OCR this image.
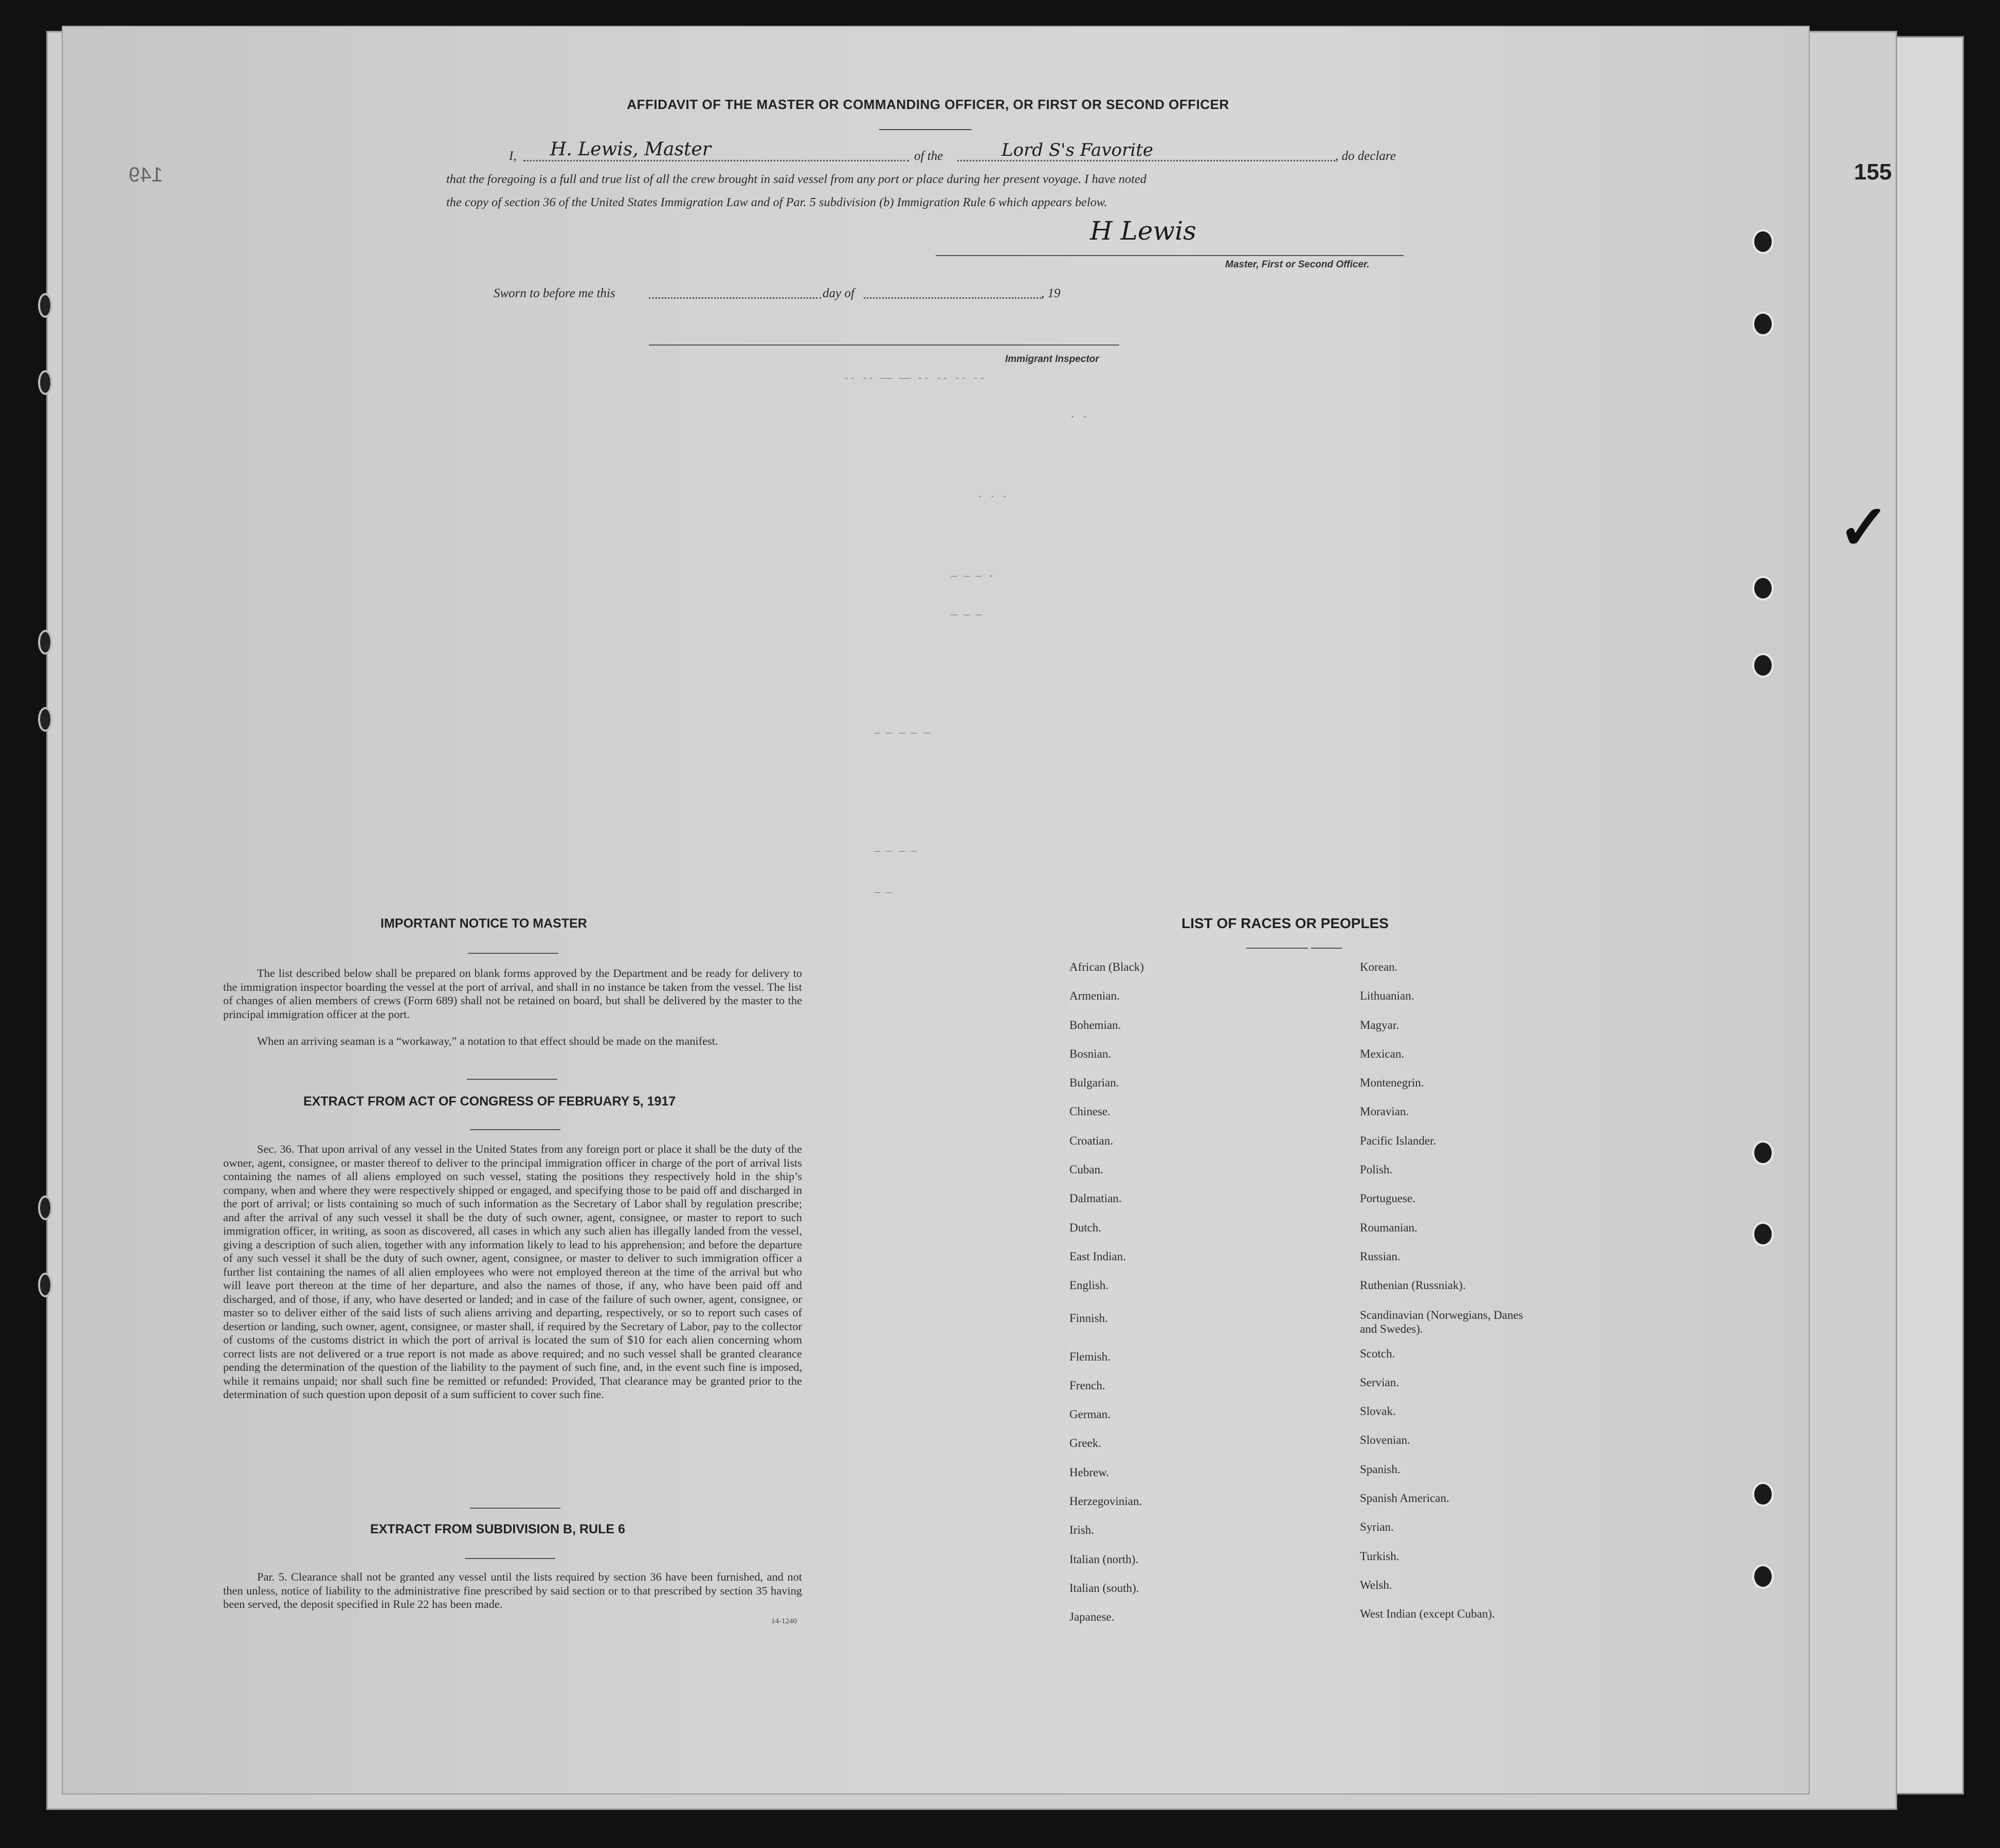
149	155
-- -- —— —— -- -- -- --
· ·
· · ·
— — — ·
— — —
— — — — —
— — — —
— —
✓
AFFIDAVIT OF THE MASTER OR COMMANDING OFFICER, OR FIRST OR SECOND OFFICER
I, H. Lewis, Master	of the	Lord S's Favorite	, do declare
that the foregoing is a full and true list of all the crew brought in said vessel from any port or place during her present voyage. I have noted
the copy of section 36 of the United States Immigration Law and of Par. 5 subdivision (b) Immigration Rule 6 which appears below.
H Lewis
Master, First or Second Officer.
Sworn to before me this	day of	, 19
Immigrant Inspector
IMPORTANT NOTICE TO MASTER
The list described below shall be prepared on blank forms approved by the Department and be ready for delivery to the immigration inspector boarding the vessel at the port of arrival, and shall in no instance be taken from the vessel. The list of changes of alien members of crews (Form 689) shall not be retained on board, but shall be delivered by the master to the principal immigration officer at the port.
When an arriving seaman is a “workaway,” a notation to that effect should be made on the manifest.
EXTRACT FROM ACT OF CONGRESS OF FEBRUARY 5, 1917
Sec. 36. That upon arrival of any vessel in the United States from any foreign port or place it shall be the duty of the owner, agent, consignee, or master thereof to deliver to the principal immigration officer in charge of the port of arrival lists containing the names of all aliens employed on such vessel, stating the positions they respectively hold in the ship’s company, when and where they were respectively shipped or engaged, and specifying those to be paid off and discharged in the port of arrival; or lists containing so much of such information as the Secretary of Labor shall by regulation prescribe; and after the arrival of any such vessel it shall be the duty of such owner, agent, consignee, or master to report to such immigration officer, in writing, as soon as discovered, all cases in which any such alien has illegally landed from the vessel, giving a description of such alien, together with any information likely to lead to his apprehension; and before the departure of any such vessel it shall be the duty of such owner, agent, consignee, or master to deliver to such immigration officer a further list containing the names of all alien employees who were not employed thereon at the time of the arrival but who will leave port thereon at the time of her departure, and also the names of those, if any, who have been paid off and discharged, and of those, if any, who have deserted or landed; and in case of the failure of such owner, agent, consignee, or master so to deliver either of the said lists of such aliens arriving and departing, respectively, or so to report such cases of desertion or landing, such owner, agent, consignee, or master shall, if required by the Secretary of Labor, pay to the collector of customs of the customs district in which the port of arrival is located the sum of $10 for each alien concerning whom correct lists are not delivered or a true report is not made as above required; and no such vessel shall be granted clearance pending the determination of the question of the liability to the payment of such fine, and, in the event such fine is imposed, while it remains unpaid; nor shall such fine be remitted or refunded: Provided, That clearance may be granted prior to the determination of such question upon deposit of a sum sufficient to cover such fine.
EXTRACT FROM SUBDIVISION B, RULE 6
Par. 5. Clearance shall not be granted any vessel until the lists required by section 36 have been furnished, and not then unless, notice of liability to the administrative fine prescribed by said section or to that prescribed by section 35 having been served, the deposit specified in Rule 22 has been made.
14-1240
LIST OF RACES OR PEOPLES
African (Black)
Armenian.
Bohemian.
Bosnian.
Bulgarian.
Chinese.
Croatian.
Cuban.
Dalmatian.
Dutch.
East Indian.
English.
Finnish.
Flemish.
French.
German.
Greek.
Hebrew.
Herzegovinian.
Irish.
Italian (north).
Italian (south).
Japanese.
Korean.
Lithuanian.
Magyar.
Mexican.
Montenegrin.
Moravian.
Pacific Islander.
Polish.
Portuguese.
Roumanian.
Russian.
Ruthenian (Russniak).
Scandinavian (Norwegians, Danes and Swedes).
Scotch.
Servian.
Slovak.
Slovenian.
Spanish.
Spanish American.
Syrian.
Turkish.
Welsh.
West Indian (except Cuban).
